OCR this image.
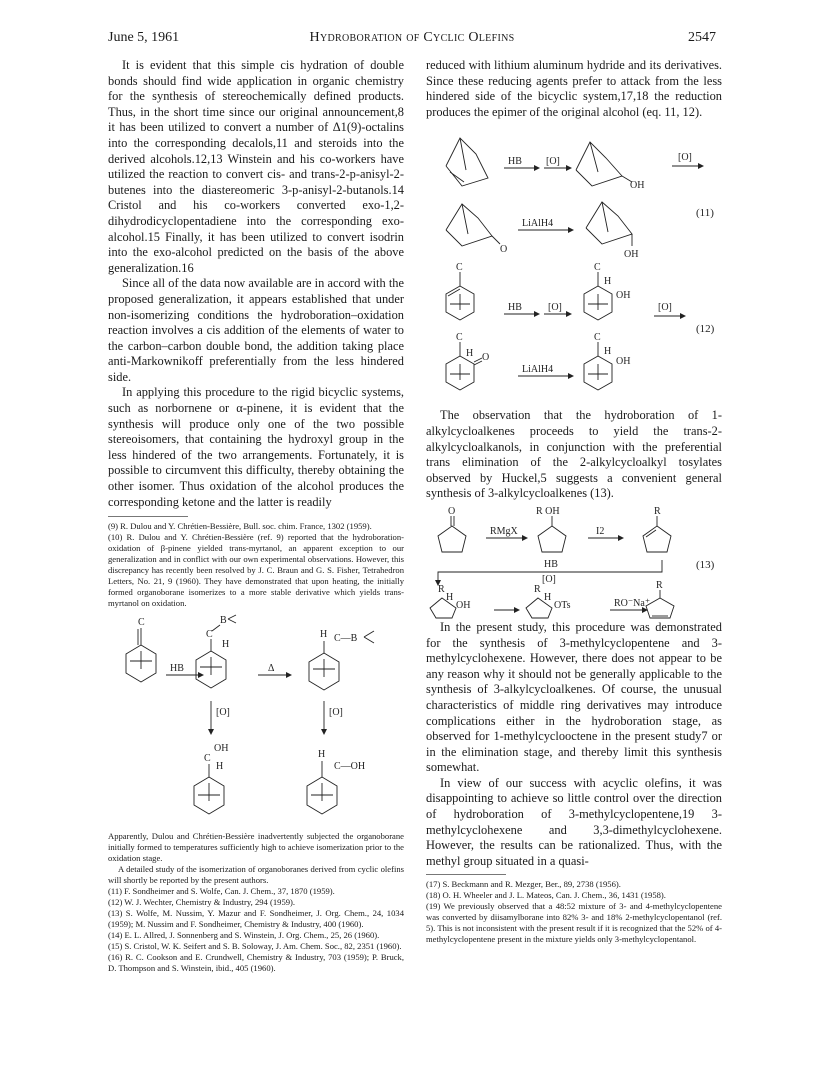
June 5, 1961	Hydroboration of Cyclic Olefins	2547

It is evident that this simple cis hydration of double bonds should find wide application in organic chemistry for the synthesis of stereochemically defined products. Thus, in the short time since our original announcement,8 it has been utilized to convert a number of Δ1(9)-octalins into the corresponding decalols,11 and steroids into the derived alcohols.12,13 Winstein and his co-workers have utilized the reaction to convert cis- and trans-2-p-anisyl-2-butenes into the diastereomeric 3-p-anisyl-2-butanols.14 Cristol and his co-workers converted exo-1,2-dihydrodicyclopentadiene into the corresponding exo-alcohol.15 Finally, it has been utilized to convert isodrin into the exo-alcohol predicted on the basis of the above generalization.16

Since all of the data now available are in accord with the proposed generalization, it appears established that under non-isomerizing conditions the hydroboration–oxidation reaction involves a cis addition of the elements of water to the carbon–carbon double bond, the addition taking place anti-Markownikoff preferentially from the less hindered side.

In applying this procedure to the rigid bicyclic systems, such as norbornene or α-pinene, it is evident that the synthesis will produce only one of the two possible stereoisomers, that containing the hydroxyl group in the less hindered of the two arrangements. Fortunately, it is possible to circumvent this difficulty, thereby obtaining the other isomer. Thus oxidation of the alcohol produces the corresponding ketone and the latter is readily

(9) R. Dulou and Y. Chrétien-Bessière, Bull. soc. chim. France, 1302 (1959).

(10) R. Dulou and Y. Chrétien-Bessière (ref. 9) reported that the hydroboration-oxidation of β-pinene yielded trans-myrtanol, an apparent exception to our generalization and in conflict with our own experimental observations. However, this discrepancy has recently been resolved by J. C. Braun and G. S. Fisher, Tetrahedron Letters, No. 21, 9 (1960). They have demonstrated that upon heating, the initially formed organoborane isomerizes to a more stable derivative which yields trans-myrtanol on oxidation.

C
HB
B
C
H
Δ
H C—B
[O]	[O]
OH
C
H
H
C—OH

Apparently, Dulou and Chrétien-Bessière inadvertently subjected the organoborane initially formed to temperatures sufficiently high to achieve isomerization prior to the oxidation stage.

A detailed study of the isomerization of organoboranes derived from cyclic olefins will shortly be reported by the present authors.

(11) F. Sondheimer and S. Wolfe, Can. J. Chem., 37, 1870 (1959).

(12) W. J. Wechter, Chemistry & Industry, 294 (1959).

(13) S. Wolfe, M. Nussim, Y. Mazur and F. Sondheimer, J. Org. Chem., 24, 1034 (1959); M. Nussim and F. Sondheimer, Chemistry & Industry, 400 (1960).

(14) E. L. Allred, J. Sonnenberg and S. Winstein, J. Org. Chem., 25, 26 (1960).

(15) S. Cristol, W. K. Seifert and S. B. Soloway, J. Am. Chem. Soc., 82, 2351 (1960).

(16) R. C. Cookson and E. Crundwell, Chemistry & Industry, 703 (1959); P. Bruck, D. Thompson and S. Winstein, ibid., 405 (1960).

reduced with lithium aluminum hydride and its derivatives. Since these reducing agents prefer to attack from the less hindered side of the bicyclic system,17,18 the reduction produces the epimer of the original alcohol (eq. 11, 12).

HB [O]
OH
[O]
(11)
O
LiAlH4
OH
C
HB	[O]
C
H
OH
[O]
(12)
C
H O
LiAlH4
C
H
OH

The observation that the hydroboration of 1-alkylcycloalkenes proceeds to yield the trans-2-alkylcycloalkanols, in conjunction with the preferential trans elimination of the 2-alkylcycloalkyl tosylates observed by Huckel,5 suggests a convenient general synthesis of 3-alkylcycloalkenes (13).

O
RMgX
R OH
I2
R
HB
[O]
(13)
R
H
OH
R
H
OTs	RO⁻Na⁺
R

In the present study, this procedure was demonstrated for the synthesis of 3-methylcyclopentene and 3-methylcyclohexene. However, there does not appear to be any reason why it should not be generally applicable to the synthesis of 3-alkylcycloalkenes. Of course, the unusual characteristics of middle ring derivatives may introduce complications either in the hydroboration stage, as observed for 1-methylcyclooctene in the present study7 or in the elimination stage, and thereby limit this synthesis somewhat.

In view of our success with acyclic olefins, it was disappointing to achieve so little control over the direction of hydroboration of 3-methylcyclopentene,19 3-methylcyclohexene and 3,3-dimethylcyclohexene. However, the results can be rationalized. Thus, with the methyl group situated in a quasi-

(17) S. Beckmann and R. Mezger, Ber., 89, 2738 (1956).

(18) O. H. Wheeler and J. L. Mateos, Can. J. Chem., 36, 1431 (1958).

(19) We previously observed that a 48:52 mixture of 3- and 4-methylcyclopentene was converted by diisamylborane into 82% 3- and 18% 2-methylcyclopentanol (ref. 5). This is not inconsistent with the present result if it is recognized that the 52% of 4-methylcyclopentene present in the mixture yields only 3-methylcyclopentanol.
